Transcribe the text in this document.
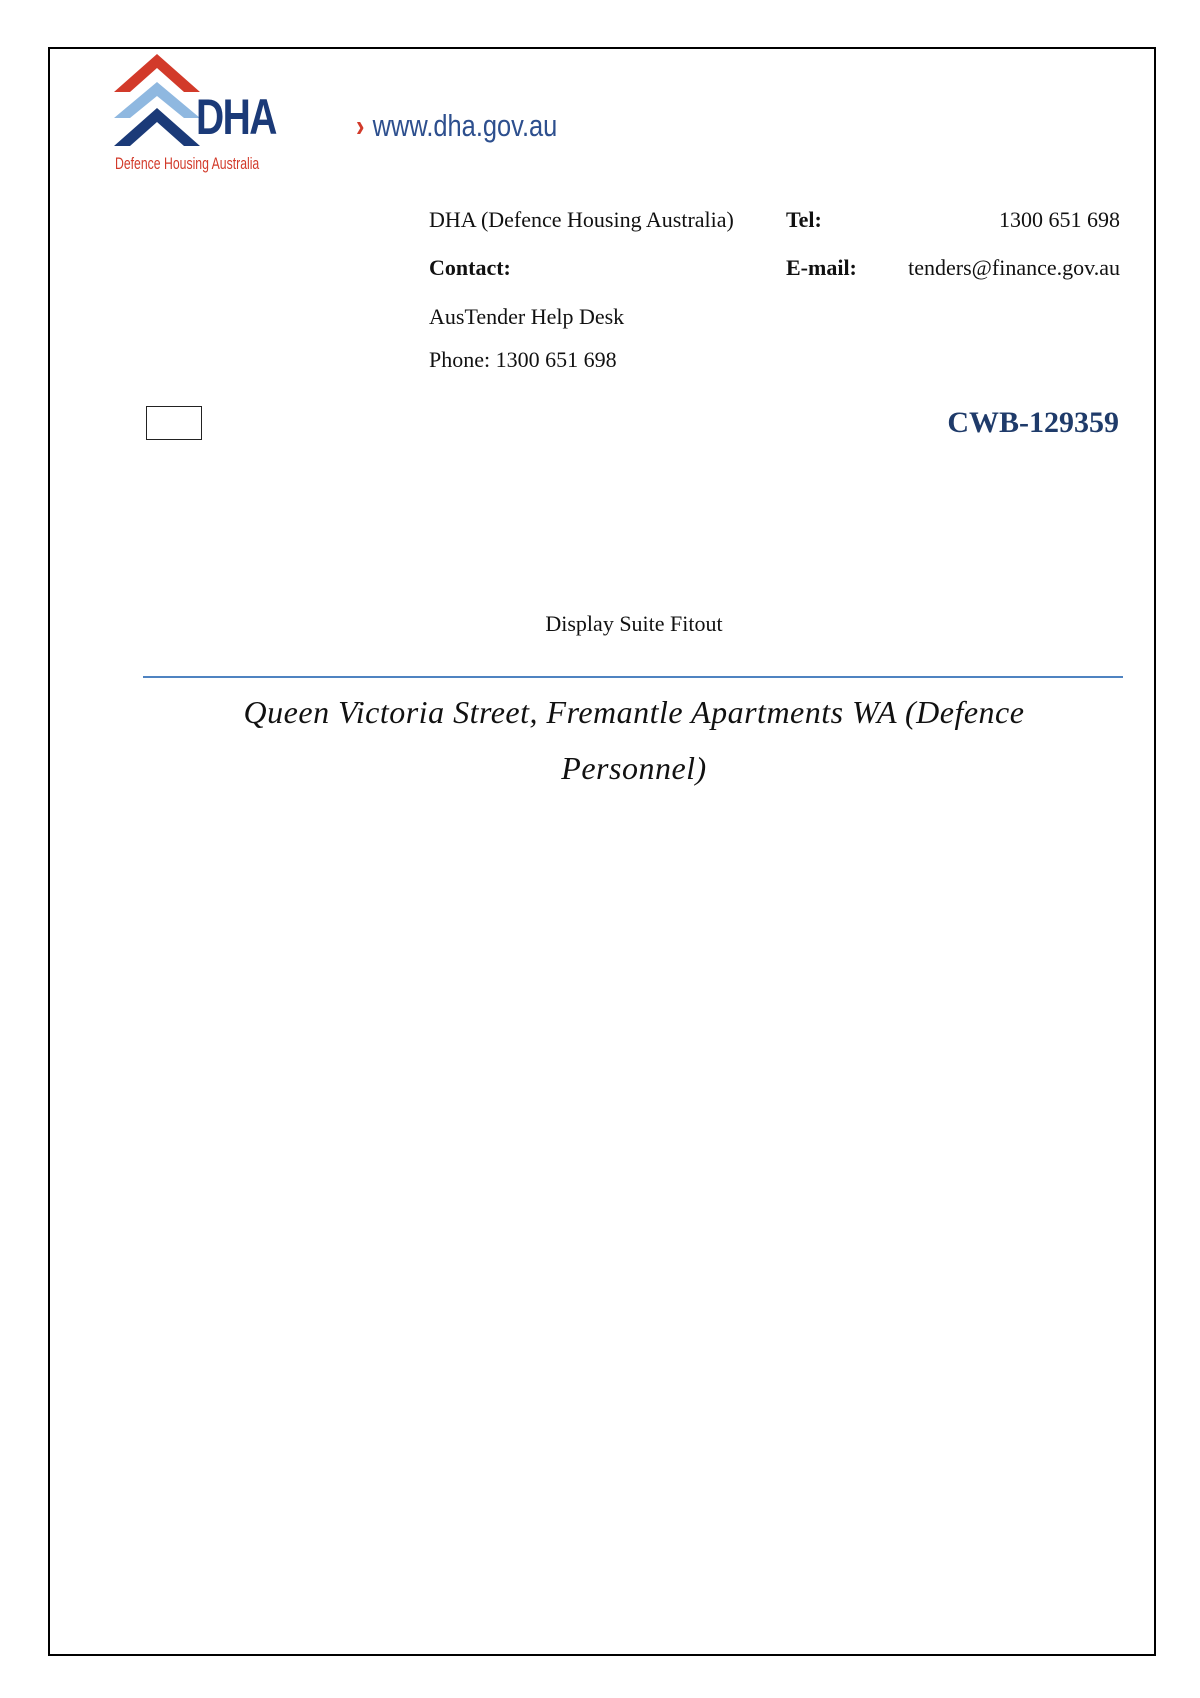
DHA
Defence Housing Australia
› www.dha.gov.au
DHA (Defence Housing Australia) Tel:	1300 651 698
Contact:	E-mail: tenders@finance.gov.au
AusTender Help Desk
Phone: 1300 651 698
CWB-129359
Display Suite Fitout
Queen Victoria Street, Fremantle Apartments WA (Defence Personnel)
